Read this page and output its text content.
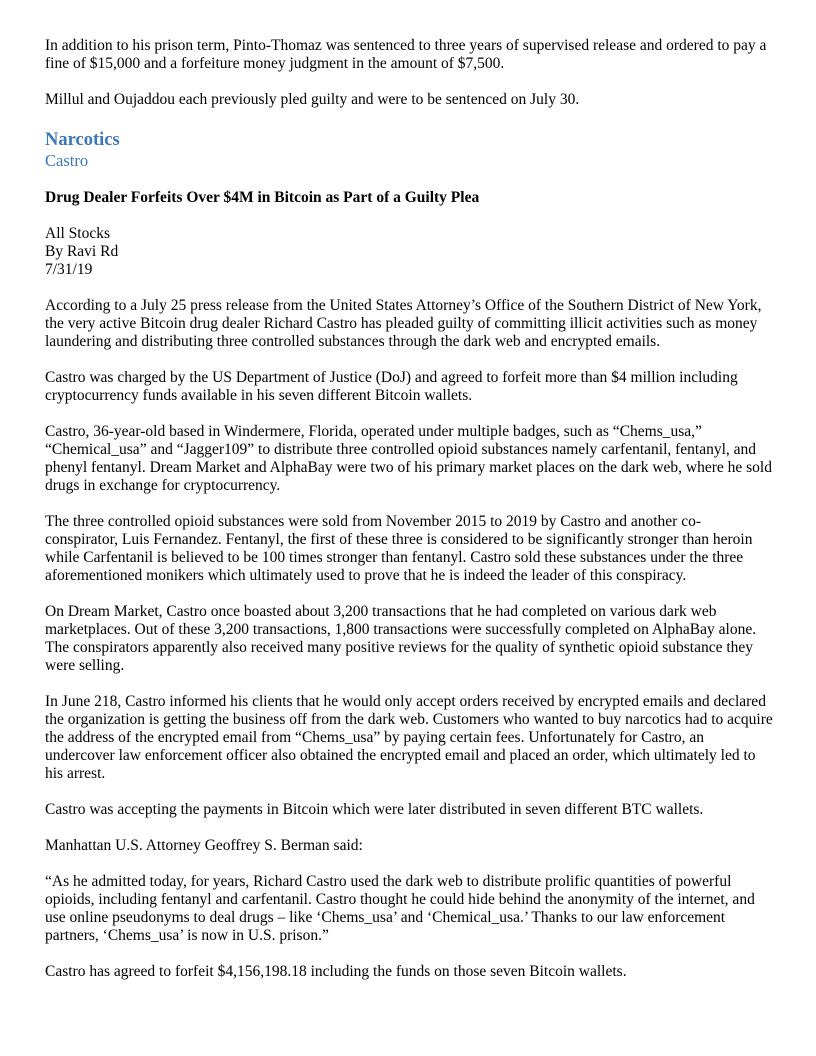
In addition to his prison term, Pinto-Thomaz was sentenced to three years of supervised release and ordered to pay a fine of $15,000 and a forfeiture money judgment in the amount of $7,500.

Millul and Oujaddou each previously pled guilty and were to be sentenced on July 30.

Narcotics
Castro
Drug Dealer Forfeits Over $4M in Bitcoin as Part of a Guilty Plea
All Stocks
By Ravi Rd
7/31/19

According to a July 25 press release from the United States Attorney’s Office of the Southern District of New York, the very active Bitcoin drug dealer Richard Castro has pleaded guilty of committing illicit activities such as money laundering and distributing three controlled substances through the dark web and encrypted emails.

Castro was charged by the US Department of Justice (DoJ) and agreed to forfeit more than $4 million including cryptocurrency funds available in his seven different Bitcoin wallets.

Castro, 36-year-old based in Windermere, Florida, operated under multiple badges, such as “Chems_usa,” “Chemical_usa” and “Jagger109” to distribute three controlled opioid substances namely carfentanil, fentanyl, and phenyl fentanyl. Dream Market and AlphaBay were two of his primary market places on the dark web, where he sold drugs in exchange for cryptocurrency.

The three controlled opioid substances were sold from November 2015 to 2019 by Castro and another co-conspirator, Luis Fernandez. Fentanyl, the first of these three is considered to be significantly stronger than heroin while Carfentanil is believed to be 100 times stronger than fentanyl. Castro sold these substances under the three aforementioned monikers which ultimately used to prove that he is indeed the leader of this conspiracy.

On Dream Market, Castro once boasted about 3,200 transactions that he had completed on various dark web marketplaces. Out of these 3,200 transactions, 1,800 transactions were successfully completed on AlphaBay alone. The conspirators apparently also received many positive reviews for the quality of synthetic opioid substance they were selling.

In June 218, Castro informed his clients that he would only accept orders received by encrypted emails and declared the organization is getting the business off from the dark web. Customers who wanted to buy narcotics had to acquire the address of the encrypted email from “Chems_usa” by paying certain fees. Unfortunately for Castro, an undercover law enforcement officer also obtained the encrypted email and placed an order, which ultimately led to his arrest.

Castro was accepting the payments in Bitcoin which were later distributed in seven different BTC wallets.

Manhattan U.S. Attorney Geoffrey S. Berman said:

“As he admitted today, for years, Richard Castro used the dark web to distribute prolific quantities of powerful opioids, including fentanyl and carfentanil. Castro thought he could hide behind the anonymity of the internet, and use online pseudonyms to deal drugs – like ‘Chems_usa’ and ‘Chemical_usa.’ Thanks to our law enforcement partners, ‘Chems_usa’ is now in U.S. prison.”

Castro has agreed to forfeit $4,156,198.18 including the funds on those seven Bitcoin wallets.
